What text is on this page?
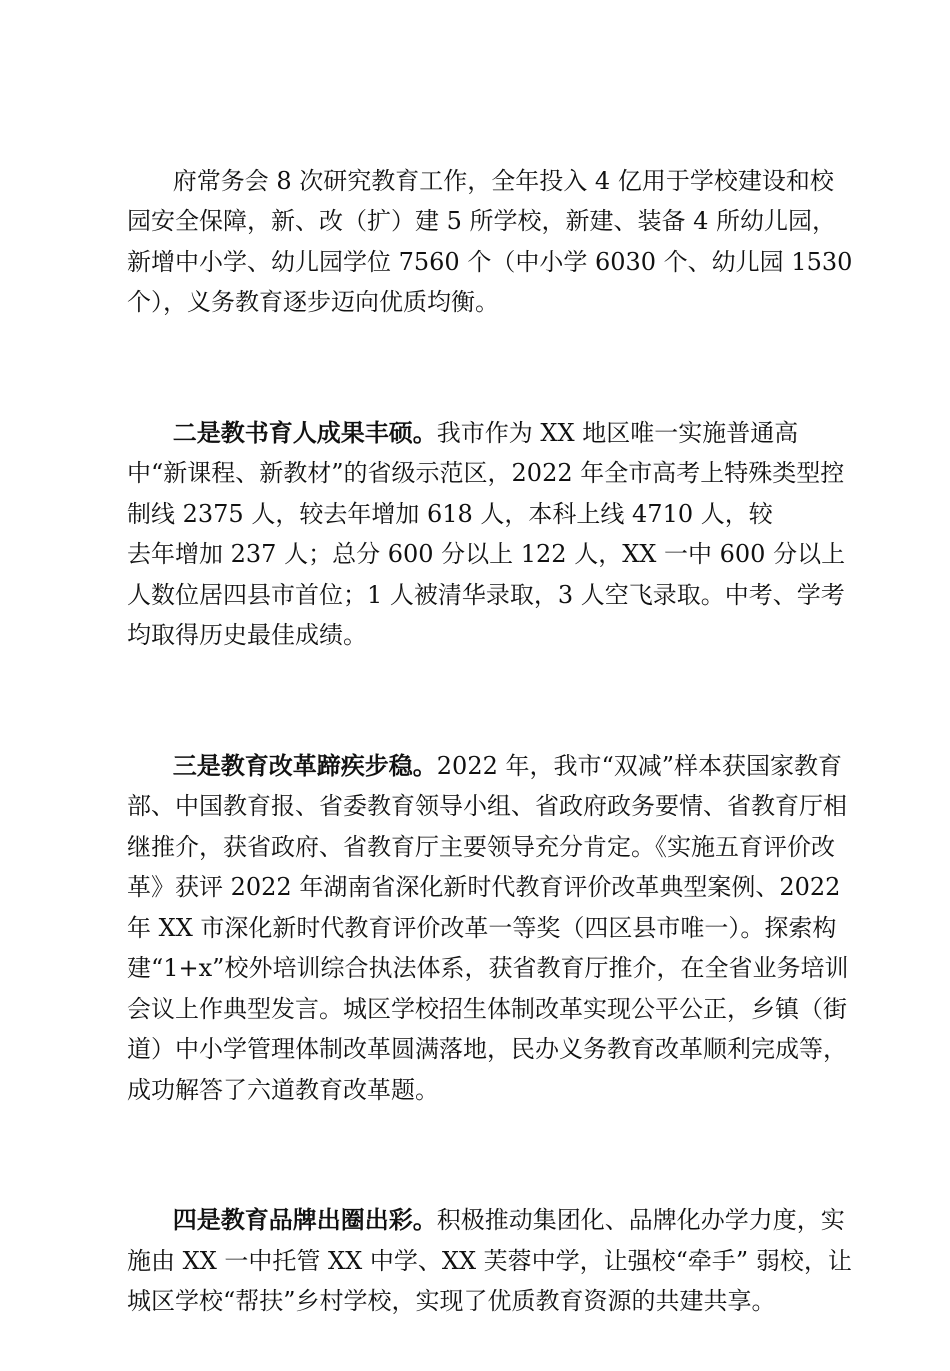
府常务会 8 次研究教育工作，全年投入 4 亿用于学校建设和校园安全保障，新、改（扩）建 5 所学校，新建、装备 4 所幼儿园，新增中小学、幼儿园学位 7560 个（中小学 6030 个、幼儿园 1530 个），义务教育逐步迈向优质均衡。

二是教书育人成果丰硕。我市作为 XX 地区唯一实施普通高中“新课程、新教材”的省级示范区，2022 年全市高考上特殊类型控制线 2375 人，较去年增加 618 人，本科上线 4710 人，较
去年增加 237 人；总分 600 分以上 122 人，XX 一中 600 分以上人数位居四县市首位；1 人被清华录取，3 人空飞录取。中考、学考均取得历史最佳成绩。

三是教育改革蹄疾步稳。2022 年，我市“双减”样本获国家教育部、中国教育报、省委教育领导小组、省政府政务要情、省教育厅相继推介，获省政府、省教育厅主要领导充分肯定。《实施五育评价改革》获评 2022 年湖南省深化新时代教育评价改革典型案例、2022 年 XX 市深化新时代教育评价改革一等奖（四区县市唯一）。探索构建“1+x”校外培训综合执法体系，获省教育厅推介，在全省业务培训会议上作典型发言。城区学校招生体制改革实现公平公正，乡镇（街道）中小学管理体制改革圆满落地，民办义务教育改革顺利完成等，成功解答了六道教育改革题。

四是教育品牌出圈出彩。积极推动集团化、品牌化办学力度，实施由 XX 一中托管 XX 中学、XX 芙蓉中学，让强校“牵手” 弱校，让城区学校“帮扶”乡村学校，实现了优质教育资源的共建共享。
